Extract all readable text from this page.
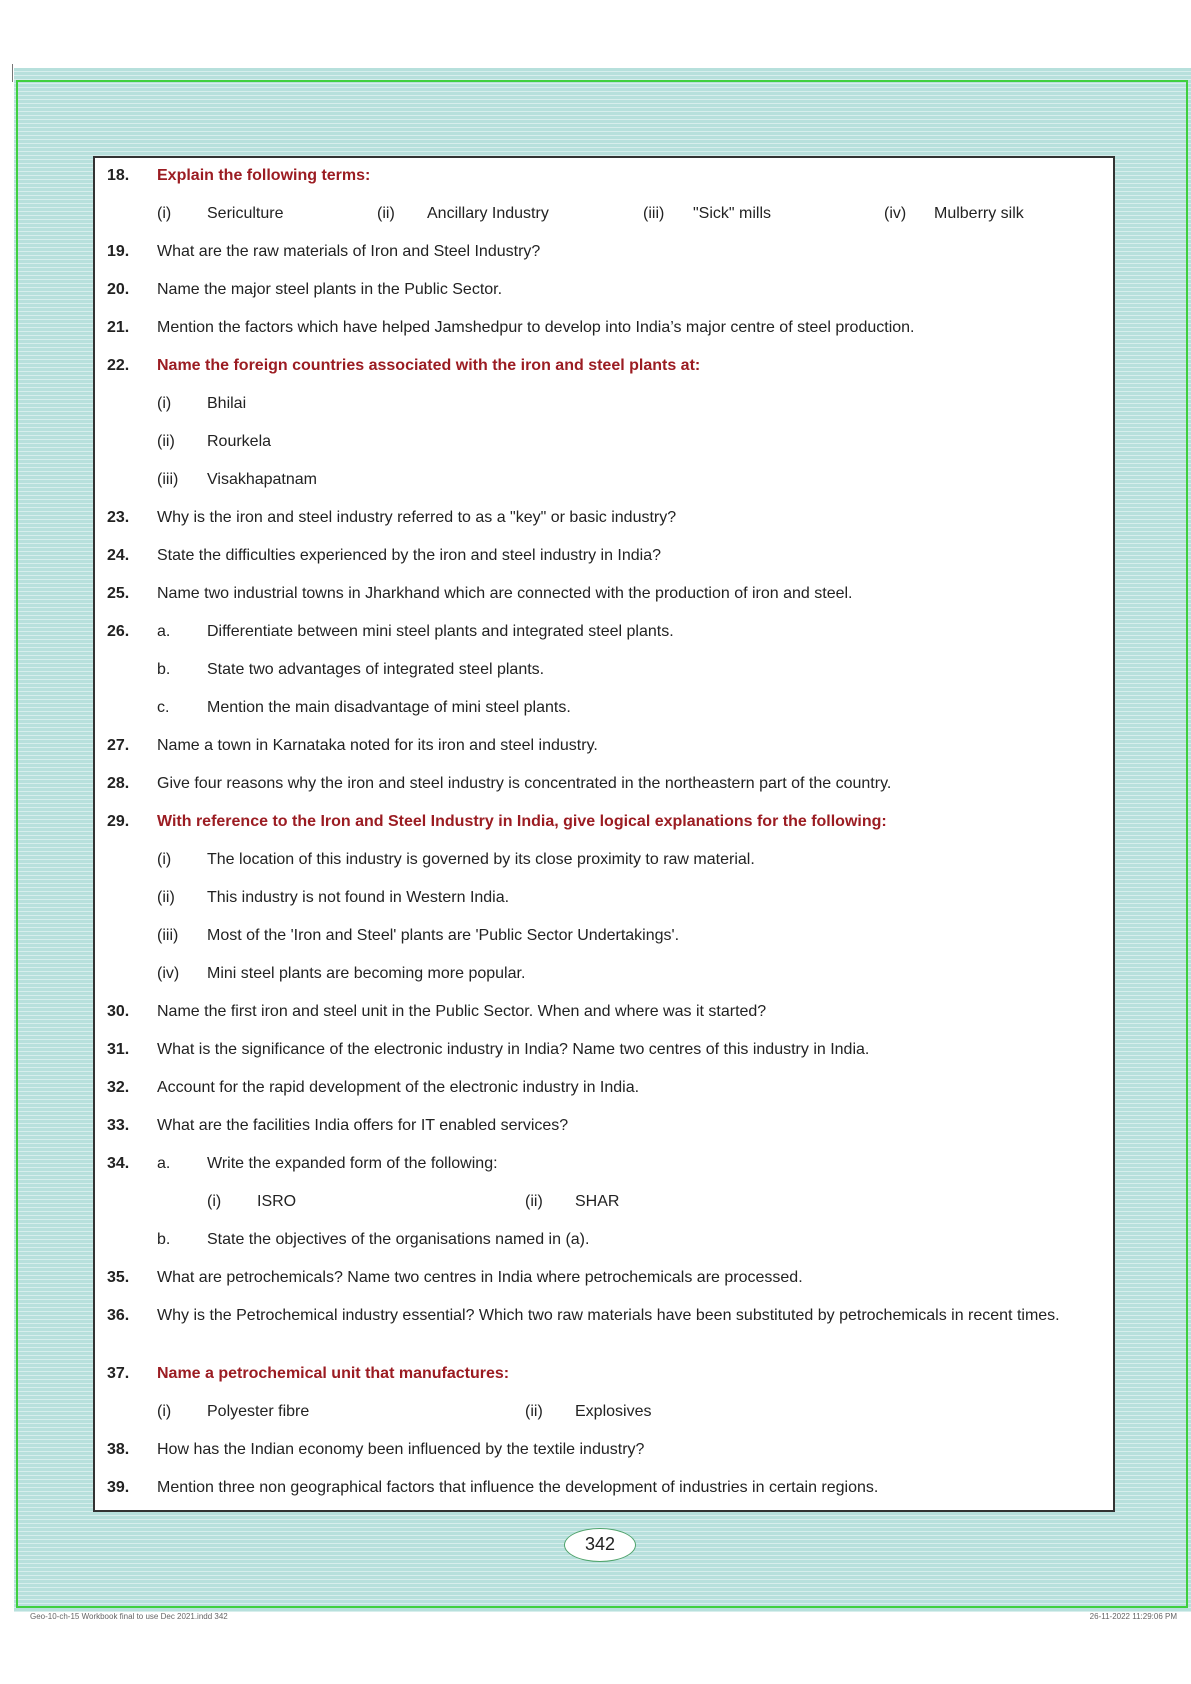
18.	Explain the following terms:
(i) Sericulture	(ii) Ancillary Industry	(iii) "Sick" mills	(iv) Mulberry silk
19.	What are the raw materials of Iron and Steel Industry?
20.	Name the major steel plants in the Public Sector.
21.	Mention the factors which have helped Jamshedpur to develop into India’s major centre of steel production.
22.	Name the foreign countries associated with the iron and steel plants at:
(i) Bhilai
(ii) Rourkela
(iii) Visakhapatnam
23.	Why is the iron and steel industry referred to as a "key" or basic industry?
24.	State the difficulties experienced by the iron and steel industry in India?
25.	Name two industrial towns in Jharkhand which are connected with the production of iron and steel.
26.	a. Differentiate between mini steel plants and integrated steel plants.
b. State two advantages of integrated steel plants.
c. Mention the main disadvantage of mini steel plants.
27.	Name a town in Karnataka noted for its iron and steel industry.
28.	Give four reasons why the iron and steel industry is concentrated in the northeastern part of the country.
29.	With reference to the Iron and Steel Industry in India, give logical explanations for the following:
(i) The location of this industry is governed by its close proximity to raw material.
(ii) This industry is not found in Western India.
(iii) Most of the 'Iron and Steel' plants are 'Public Sector Undertakings'.
(iv) Mini steel plants are becoming more popular.
30.	Name the first iron and steel unit in the Public Sector. When and where was it started?
31.	What is the significance of the electronic industry in India? Name two centres of this industry in India.
32.	Account for the rapid development of the electronic industry in India.
33.	What are the facilities India offers for IT enabled services?
34.	a. Write the expanded form of the following:
(i) ISRO	(ii) SHAR
b. State the objectives of the organisations named in (a).
35.	What are petrochemicals? Name two centres in India where petrochemicals are processed.
36.	Why is the Petrochemical industry essential? Which two raw materials have been substituted by petrochemicals in recent times.
37.	Name a petrochemical unit that manufactures:
(i) Polyester fibre	(ii) Explosives
38.	How has the Indian economy been influenced by the textile industry?
39.	Mention three non geographical factors that influence the development of industries in certain regions.
342
Geo-10-ch-15 Workbook final to use Dec 2021.indd 342	26-11-2022 11:29:06 PM
